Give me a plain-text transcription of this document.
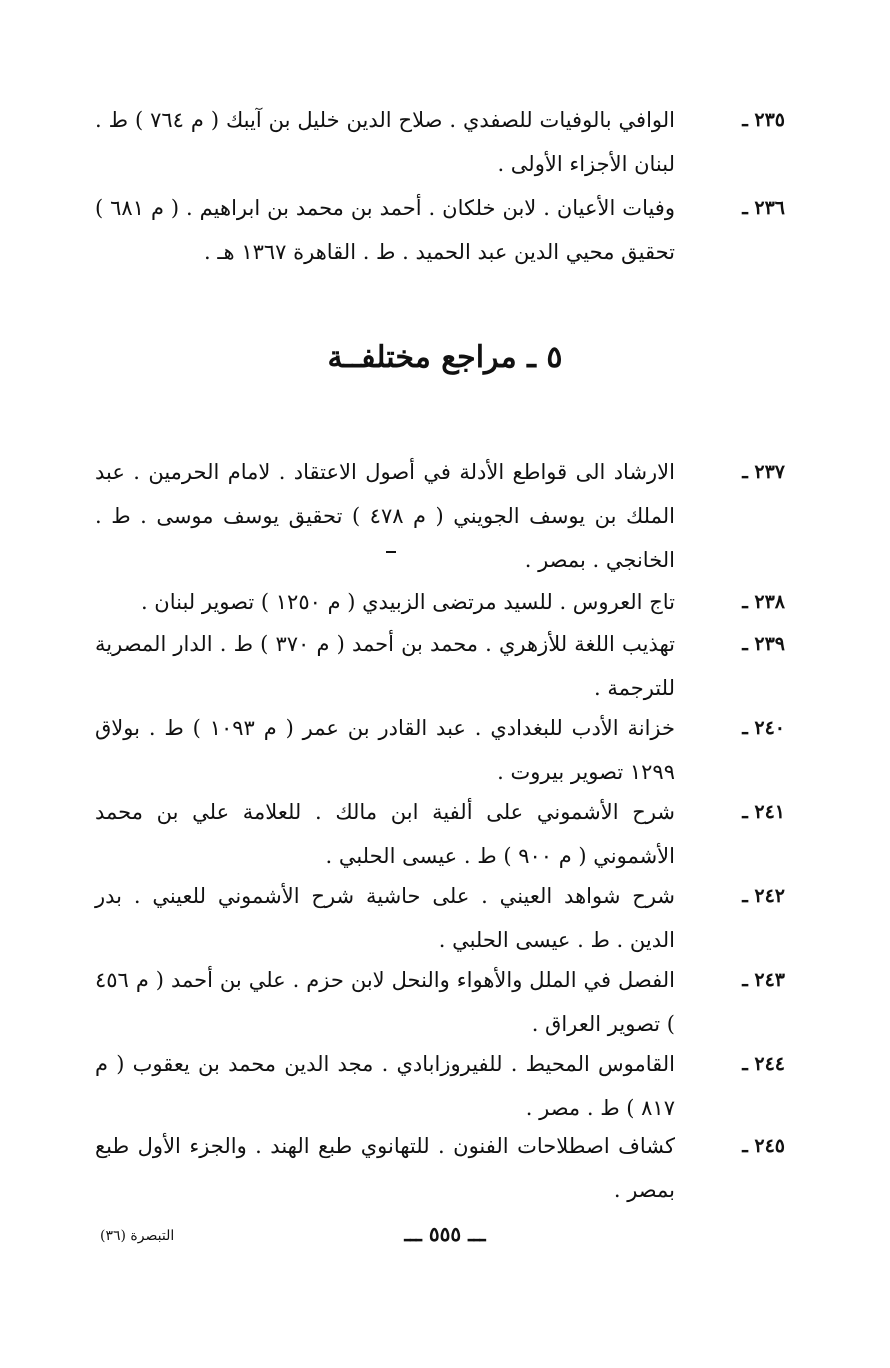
٢٣٥ ـ
الوافي بالوفيات للصفدي . صلاح الدين خليل بن آيبك ( م ٧٦٤ ) ط . لبنان الأجزاء الأولى .
٢٣٦ ـ
وفيات الأعيان . لابن خلكان . أحمد بن محمد بن ابراهيم . ( م ٦٨١ ) تحقيق محيي الدين عبد الحميد . ط . القاهرة ١٣٦٧ هـ .
٥ ـ مراجع مختلفــة
٢٣٧ ـ
الارشاد الى قواطع الأدلة في أصول الاعتقاد . لامام الحرمين . عبد الملك بن يوسف الجويني ( م ٤٧٨ ) تحقيق يوسف موسى . ط . الخانجي . بمصر .
٢٣٨ ـ
تاج العروس . للسيد مرتضى الزبيدي ( م ١٢٥٠ ) تصوير لبنان .
٢٣٩ ـ
تهذيب اللغة للأزهري . محمد بن أحمد ( م ٣٧٠ ) ط . الدار المصرية للترجمة .
٢٤٠ ـ
خزانة الأدب للبغدادي . عبد القادر بن عمر ( م ١٠٩٣ ) ط . بولاق ١٢٩٩ تصوير بيروت .
٢٤١ ـ
شرح الأشموني على ألفية ابن مالك . للعلامة علي بن محمد الأشموني ( م ٩٠٠ ) ط . عيسى الحلبي .
٢٤٢ ـ
شرح شواهد العيني . على حاشية شرح الأشموني للعيني . بدر الدين . ط . عيسى الحلبي .
٢٤٣ ـ
الفصل في الملل والأهواء والنحل لابن حزم . علي بن أحمد ( م ٤٥٦ ) تصوير العراق .
٢٤٤ ـ
القاموس المحيط . للفيروزابادي . مجد الدين محمد بن يعقوب ( م ٨١٧ ) ط . مصر .
٢٤٥ ـ
كشاف اصطلاحات الفنون . للتهانوي طبع الهند . والجزء الأول طبع بمصر .
التبصرة (٣٦)	ـــ ٥٥٥ ـــ
